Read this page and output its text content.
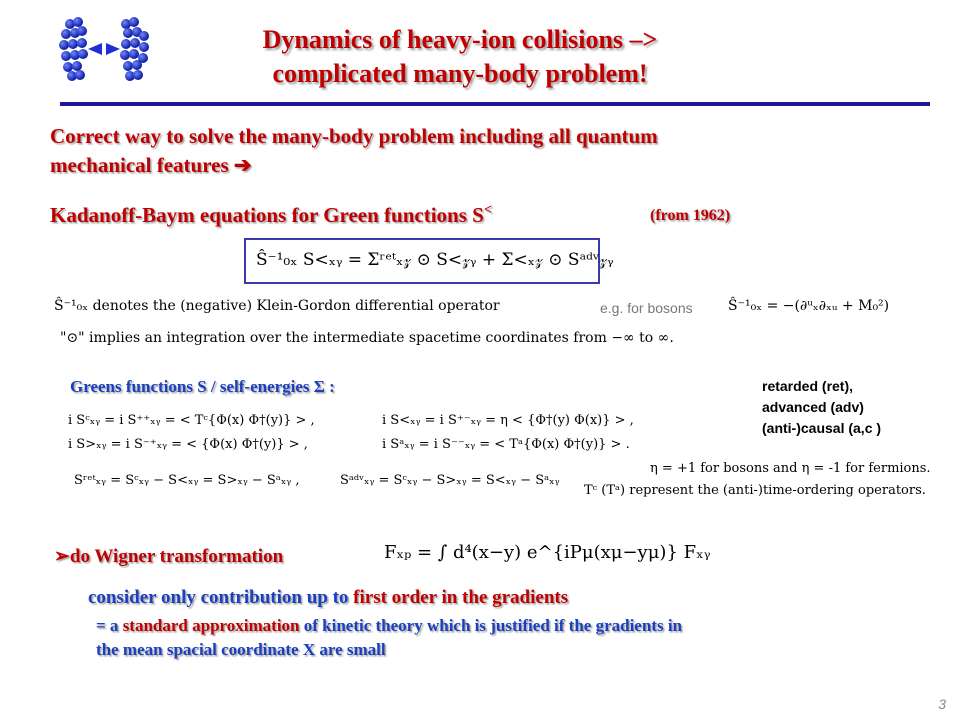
Dynamics of heavy-ion collisions –>
complicated many-body problem!
Correct way to solve the many-body problem including all quantum
mechanical features ➔
Kadanoff-Baym equations for Green functions S<	(from 1962)
Ŝ⁻¹₀ₓ S<ₓᵧ = Σʳᵉᵗₓ𝓏 ⊙ S<𝓏ᵧ + Σ<ₓ𝓏 ⊙ Sᵃᵈᵛ𝓏ᵧ
Ŝ⁻¹₀ₓ denotes the (negative) Klein-Gordon differential operator	e.g. for bosons	Ŝ⁻¹₀ₓ = −(∂ᵘₓ∂ₓᵤ + M₀²)
"⊙" implies an integration over the intermediate spacetime coordinates from −∞ to ∞.
Greens functions S / self-energies Σ :	retarded (ret),
advanced (adv)
(anti-)causal (a,c )
i Sᶜₓᵧ = i S⁺⁺ₓᵧ = < Tᶜ{Φ(x) Φ†(y)} > ,	i S<ₓᵧ = i S⁺⁻ₓᵧ = η < {Φ†(y) Φ(x)} > ,
i S>ₓᵧ = i S⁻⁺ₓᵧ = < {Φ(x) Φ†(y)} > ,	i Sᵃₓᵧ = i S⁻⁻ₓᵧ = < Tᵃ{Φ(x) Φ†(y)} > .
Sʳᵉᵗₓᵧ = Sᶜₓᵧ − S<ₓᵧ = S>ₓᵧ − Sᵃₓᵧ ,	Sᵃᵈᵛₓᵧ = Sᶜₓᵧ − S>ₓᵧ = S<ₓᵧ − Sᵃₓᵧ
η = +1 for bosons and η = -1 for fermions.
Tᶜ (Tᵃ) represent the (anti-)time-ordering operators.
➢do Wigner transformation	Fₓₚ = ∫ d⁴(x−y) e^{iPμ(xμ−yμ)} Fₓᵧ
consider only contribution up to first order in the gradients
= a standard approximation of kinetic theory which is justified if the gradients in
the mean spacial coordinate X are small
3
